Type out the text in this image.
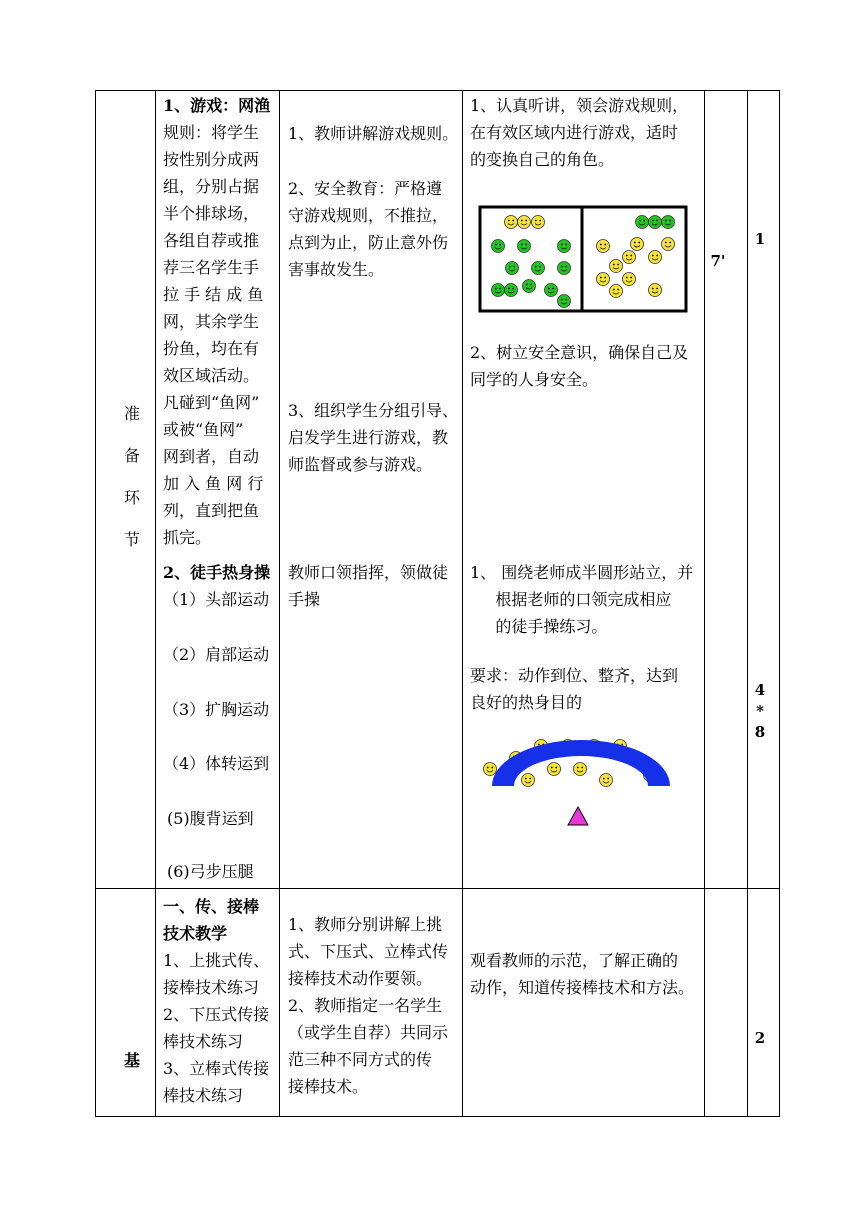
准
备
环
节
1、游戏：网渔
规则：将学生
按性别分成两
组，分别占据
半个排球场，
各组自荐或推
荐三名学生手
拉 手 结 成 鱼
网，其余学生
扮鱼，均在有
效区域活动。
凡碰到“鱼网”
或被“鱼网”
网到者，自动
加 入 鱼 网 行
列，直到把鱼
抓完。
2、徒手热身操
（1）头部运动
（2）肩部运动
（3）扩胸运动
（4）体转运到
(5)腹背运到
(6)弓步压腿
1、教师讲解游戏规则。
2、安全教育：严格遵
守游戏规则，不推拉，
点到为止，防止意外伤
害事故发生。
3、组织学生分组引导、
启发学生进行游戏，教
师监督或参与游戏。
教师口领指挥，领做徒
手操
1、认真听讲，领会游戏规则，
在有效区域内进行游戏，适时
的变换自己的角色。
2、树立安全意识，确保自己及
同学的人身安全。
1、 围绕老师成半圆形站立，并
根据老师的口领完成相应
的徒手操练习。
要求：动作到位、整齐，达到
良好的热身目的
7'
1
4
*
8
基
一、传、接棒
技术教学
1、上挑式传、
接棒技术练习
2、下压式传接
棒技术练习
3、立棒式传接
棒技术练习
1、教师分别讲解上挑
式、下压式、立棒式传
接棒技术动作要领。
2、教师指定一名学生
（或学生自荐）共同示
范三种不同方式的传
接棒技术。
观看教师的示范，了解正确的
动作，知道传接棒技术和方法。
2
